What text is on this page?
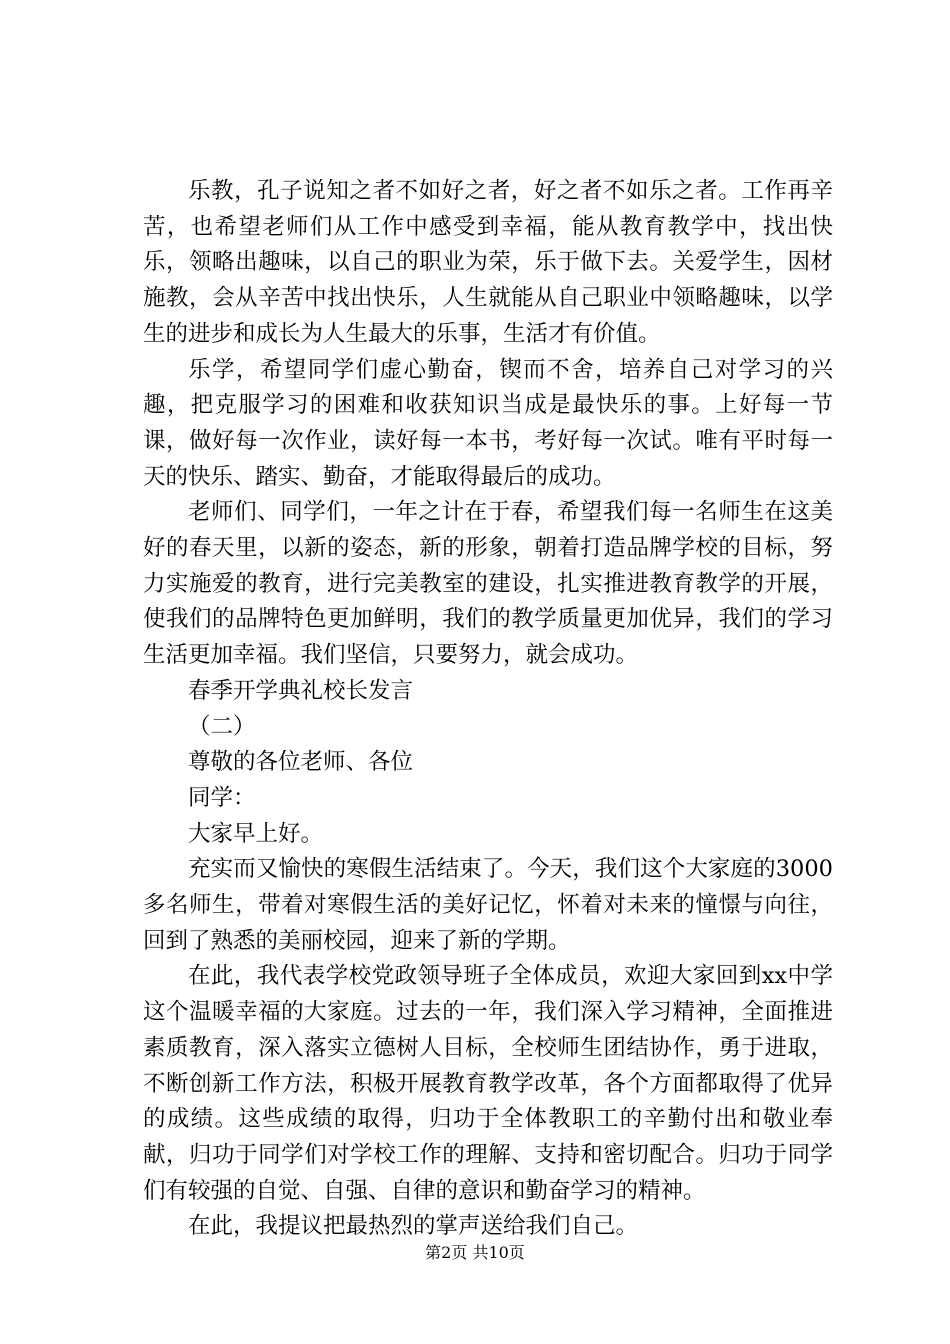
乐教，孔子说知之者不如好之者，好之者不如乐之者。工作再辛苦，也希望老师们从工作中感受到幸福，能从教育教学中，找出快乐，领略出趣味，以自己的职业为荣，乐于做下去。关爱学生，因材施教，会从辛苦中找出快乐，人生就能从自己职业中领略趣味，以学生的进步和成长为人生最大的乐事，生活才有价值。

乐学，希望同学们虚心勤奋，锲而不舍，培养自己对学习的兴趣，把克服学习的困难和收获知识当成是最快乐的事。上好每一节课，做好每一次作业，读好每一本书，考好每一次试。唯有平时每一天的快乐、踏实、勤奋，才能取得最后的成功。

老师们、同学们，一年之计在于春，希望我们每一名师生在这美好的春天里，以新的姿态，新的形象，朝着打造品牌学校的目标，努力实施爱的教育，进行完美教室的建设，扎实推进教育教学的开展，使我们的品牌特色更加鲜明，我们的教学质量更加优异，我们的学习生活更加幸福。我们坚信，只要努力，就会成功。

春季开学典礼校长发言

（二）

尊敬的各位老师、各位

同学：

大家早上好。

充实而又愉快的寒假生活结束了。今天，我们这个大家庭的3000多名师生，带着对寒假生活的美好记忆，怀着对未来的憧憬与向往，回到了熟悉的美丽校园，迎来了新的学期。

在此，我代表学校党政领导班子全体成员，欢迎大家回到xx中学这个温暖幸福的大家庭。过去的一年，我们深入学习精神，全面推进素质教育，深入落实立德树人目标，全校师生团结协作，勇于进取，不断创新工作方法，积极开展教育教学改革，各个方面都取得了优异的成绩。这些成绩的取得，归功于全体教职工的辛勤付出和敬业奉献，归功于同学们对学校工作的理解、支持和密切配合。归功于同学们有较强的自觉、自强、自律的意识和勤奋学习的精神。

在此，我提议把最热烈的掌声送给我们自己。

第2页 共10页
